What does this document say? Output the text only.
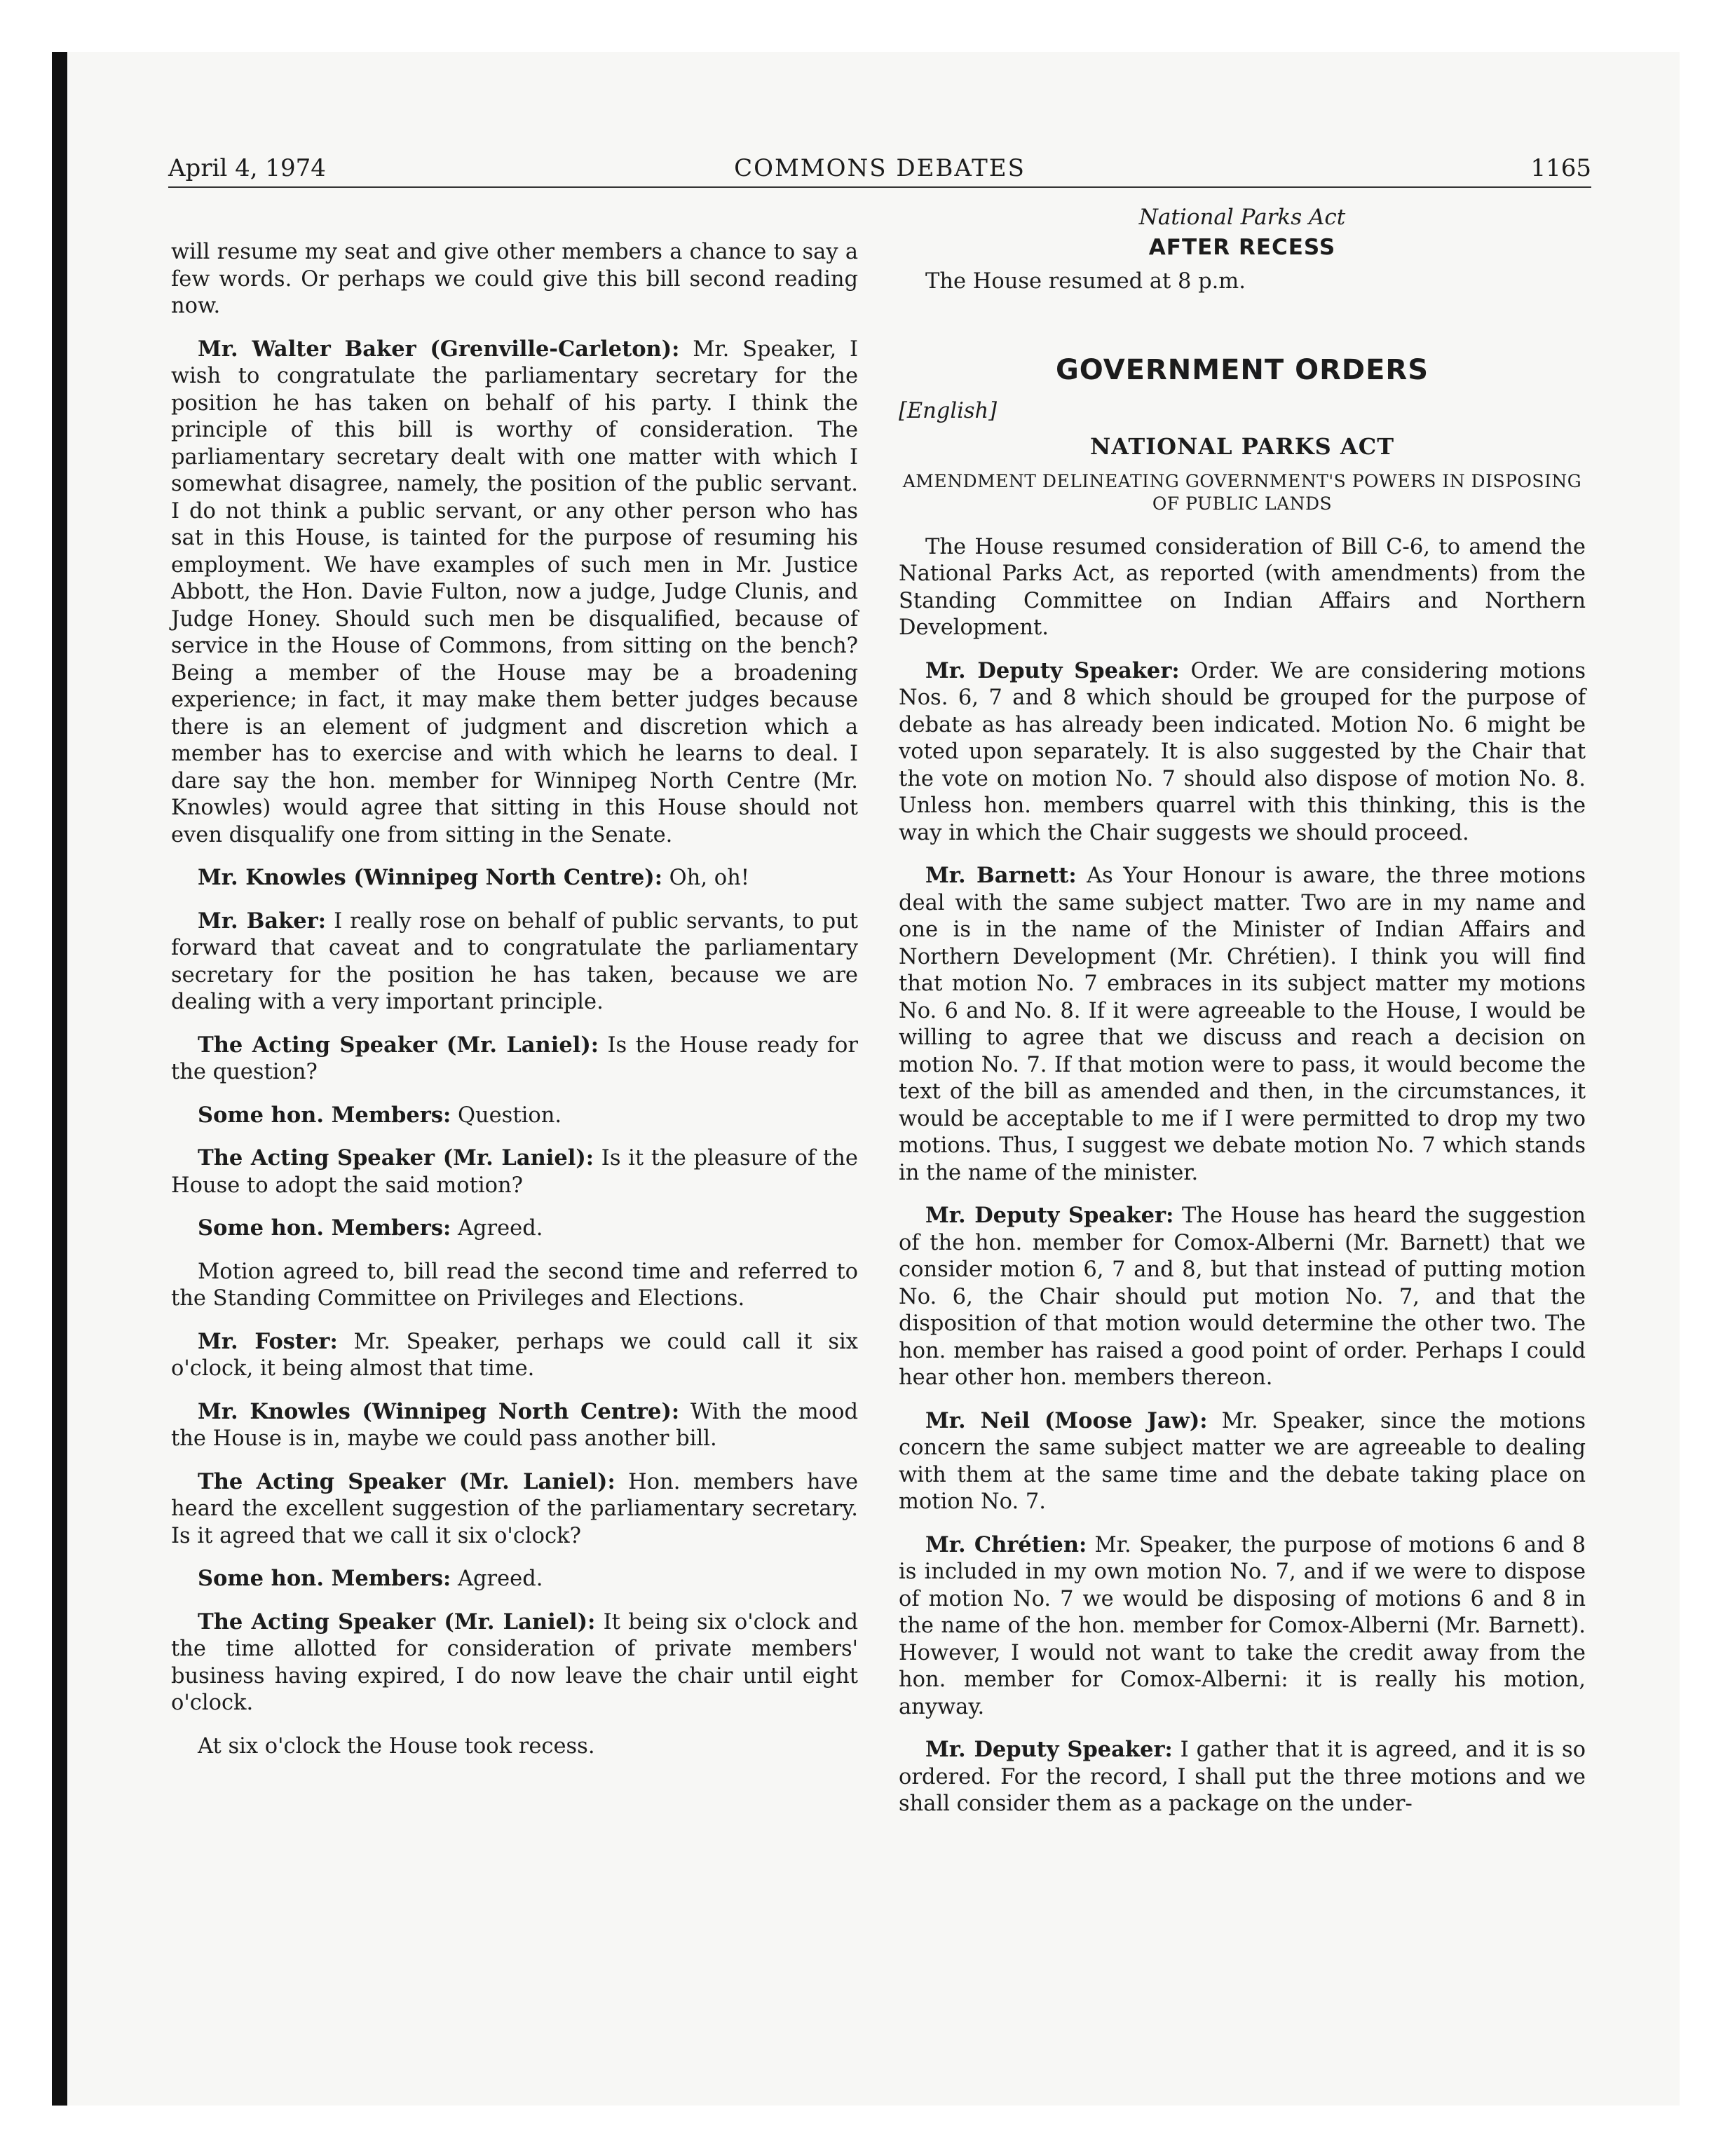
April 4, 1974	COMMONS DEBATES	1165

will resume my seat and give other members a chance to say a few words. Or perhaps we could give this bill second reading now.

Mr. Walter Baker (Grenville-Carleton): Mr. Speaker, I wish to congratulate the parliamentary secretary for the position he has taken on behalf of his party. I think the principle of this bill is worthy of consideration. The parliamentary secretary dealt with one matter with which I somewhat disagree, namely, the position of the public servant. I do not think a public servant, or any other person who has sat in this House, is tainted for the purpose of resuming his employment. We have examples of such men in Mr. Justice Abbott, the Hon. Davie Fulton, now a judge, Judge Clunis, and Judge Honey. Should such men be disqualified, because of service in the House of Commons, from sitting on the bench? Being a member of the House may be a broadening experience; in fact, it may make them better judges because there is an element of judgment and discretion which a member has to exercise and with which he learns to deal. I dare say the hon. member for Winnipeg North Centre (Mr. Knowles) would agree that sitting in this House should not even disqualify one from sitting in the Senate.

Mr. Knowles (Winnipeg North Centre): Oh, oh!

Mr. Baker: I really rose on behalf of public servants, to put forward that caveat and to congratulate the parliamentary secretary for the position he has taken, because we are dealing with a very important principle.

The Acting Speaker (Mr. Laniel): Is the House ready for the question?

Some hon. Members: Question.

The Acting Speaker (Mr. Laniel): Is it the pleasure of the House to adopt the said motion?

Some hon. Members: Agreed.

Motion agreed to, bill read the second time and referred to the Standing Committee on Privileges and Elections.

Mr. Foster: Mr. Speaker, perhaps we could call it six o'clock, it being almost that time.

Mr. Knowles (Winnipeg North Centre): With the mood the House is in, maybe we could pass another bill.

The Acting Speaker (Mr. Laniel): Hon. members have heard the excellent suggestion of the parliamentary secretary. Is it agreed that we call it six o'clock?

Some hon. Members: Agreed.

The Acting Speaker (Mr. Laniel): It being six o'clock and the time allotted for consideration of private members' business having expired, I do now leave the chair until eight o'clock.

At six o'clock the House took recess.

National Parks Act
AFTER RECESS

The House resumed at 8 p.m.

GOVERNMENT ORDERS
[English]
NATIONAL PARKS ACT
AMENDMENT DELINEATING GOVERNMENT'S POWERS IN DISPOSING OF PUBLIC LANDS

The House resumed consideration of Bill C-6, to amend the National Parks Act, as reported (with amendments) from the Standing Committee on Indian Affairs and Northern Development.

Mr. Deputy Speaker: Order. We are considering motions Nos. 6, 7 and 8 which should be grouped for the purpose of debate as has already been indicated. Motion No. 6 might be voted upon separately. It is also suggested by the Chair that the vote on motion No. 7 should also dispose of motion No. 8. Unless hon. members quarrel with this thinking, this is the way in which the Chair suggests we should proceed.

Mr. Barnett: As Your Honour is aware, the three motions deal with the same subject matter. Two are in my name and one is in the name of the Minister of Indian Affairs and Northern Development (Mr. Chrétien). I think you will find that motion No. 7 embraces in its subject matter my motions No. 6 and No. 8. If it were agreeable to the House, I would be willing to agree that we discuss and reach a decision on motion No. 7. If that motion were to pass, it would become the text of the bill as amended and then, in the circumstances, it would be acceptable to me if I were permitted to drop my two motions. Thus, I suggest we debate motion No. 7 which stands in the name of the minister.

Mr. Deputy Speaker: The House has heard the suggestion of the hon. member for Comox-Alberni (Mr. Barnett) that we consider motion 6, 7 and 8, but that instead of putting motion No. 6, the Chair should put motion No. 7, and that the disposition of that motion would determine the other two. The hon. member has raised a good point of order. Perhaps I could hear other hon. members thereon.

Mr. Neil (Moose Jaw): Mr. Speaker, since the motions concern the same subject matter we are agreeable to dealing with them at the same time and the debate taking place on motion No. 7.

Mr. Chrétien: Mr. Speaker, the purpose of motions 6 and 8 is included in my own motion No. 7, and if we were to dispose of motion No. 7 we would be disposing of motions 6 and 8 in the name of the hon. member for Comox-Alberni (Mr. Barnett). However, I would not want to take the credit away from the hon. member for Comox-Alberni: it is really his motion, anyway.

Mr. Deputy Speaker: I gather that it is agreed, and it is so ordered. For the record, I shall put the three motions and we shall consider them as a package on the under-
